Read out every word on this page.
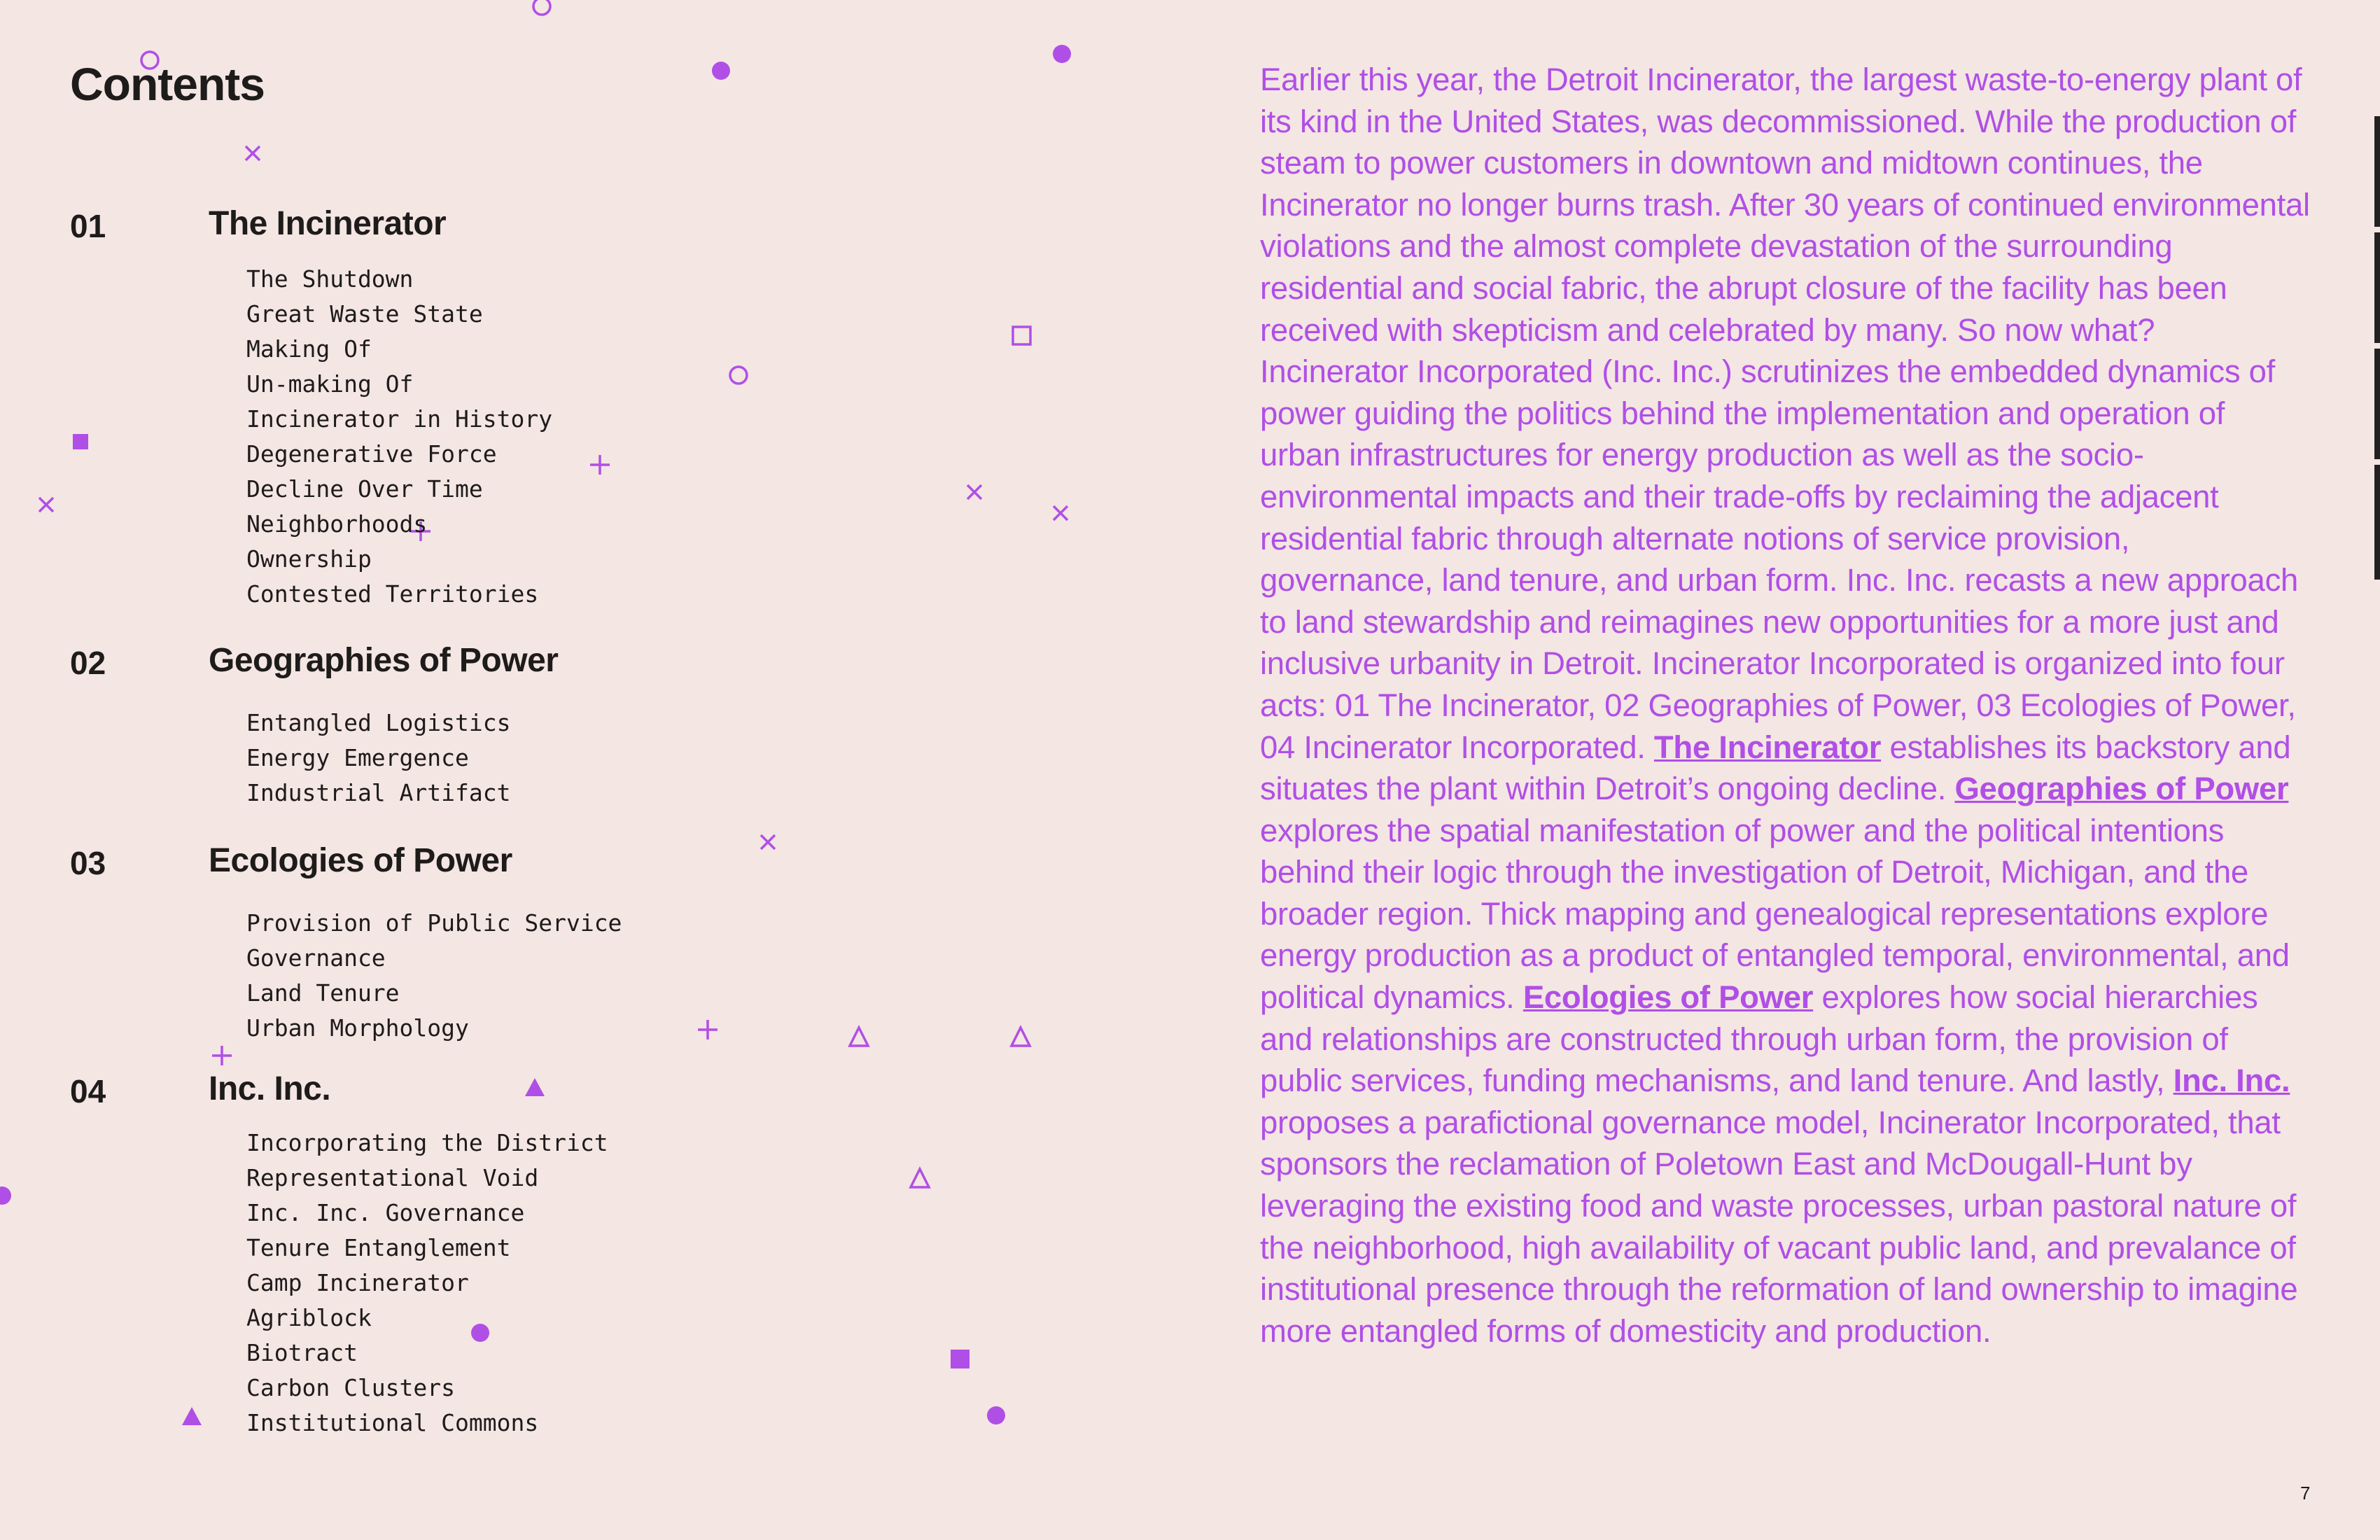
Contents
01	The Incinerator
The Shutdown
Great Waste State
Making Of
Un-making Of
Incinerator in History
Degenerative Force
Decline Over Time
Neighborhoods
Ownership
Contested Territories
02	Geographies of Power
Entangled Logistics
Energy Emergence
Industrial Artifact
03	Ecologies of Power
Provision of Public Service
Governance
Land Tenure
Urban Morphology
04	Inc. Inc.
Incorporating the District
Representational Void
Inc. Inc. Governance
Tenure Entanglement
Camp Incinerator
Agriblock
Biotract
Carbon Clusters
Institutional Commons

Earlier this year, the Detroit Incinerator, the largest waste-to-energy plant of its kind in the United States, was decommissioned. While the production of steam to power customers in downtown and midtown continues, the Incinerator no longer burns trash. After 30 years of continued environmental violations and the almost complete devastation of the surrounding residential and social fabric, the abrupt closure of the facility has been received with skepticism and celebrated by many. So now what? Incinerator Incorporated (Inc. Inc.) scrutinizes the embedded dynamics of power guiding the politics behind the implementation and operation of urban infrastructures for energy production as well as the socio-environmental impacts and their trade-offs by reclaiming the adjacent residential fabric through alternate notions of service provision, governance, land tenure, and urban form. Inc. Inc. recasts a new approach to land stewardship and reimagines new opportunities for a more just and inclusive urbanity in Detroit. Incinerator Incorporated is organized into four acts: 01 The Incinerator, 02 Geographies of Power, 03 Ecologies of Power, 04 Incinerator Incorporated. The Incinerator establishes its backstory and situates the plant within Detroit’s ongoing decline. Geographies of Power explores the spatial manifestation of power and the political intentions behind their logic through the investigation of Detroit, Michigan, and the broader region. Thick mapping and genealogical representations explore energy production as a product of entangled temporal, environmental, and political dynamics. Ecologies of Power explores how social hierarchies and relationships are constructed through urban form, the provision of public services, funding mechanisms, and land tenure. And lastly, Inc. Inc. proposes a parafictional governance model, Incinerator Incorporated, that sponsors the reclamation of Poletown East and McDougall-Hunt by leveraging the existing food and waste processes, urban pastoral nature of the neighborhood, high availability of vacant public land, and prevalance of institutional presence through the reformation of land ownership to imagine more entangled forms of domesticity and production.

7
